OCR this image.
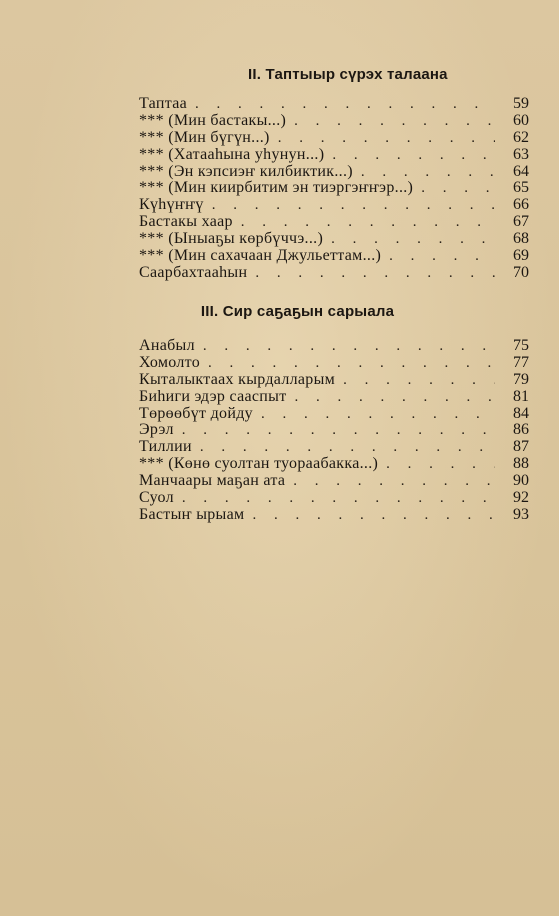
II. Таптыыр сүрэх талаана
Таптаа . . .	59
*** (Мин бастакы...) . . .	60
*** (Мин бүгүн...) . . .	62
*** (Хатааһына уһунун...) . . .	63
*** (Эн кэпсиэҥ килбиктик...) . . .	64
*** (Мин киирбитим эн тиэргэҥҥэр...) . . .	65
Күһүҥҥү . . .	66
Бастакы хаар . . .	67
*** (Ыныаҕы көрбүччэ...) . . .	68
*** (Мин сахачаан Джульеттам...) . . .	69
Саарбахтааһын . . .	70
III. Сир саҕаҕын сарыала
Анабыл . . .	75
Хомолто . . .	77
Кыталыктаах кырдалларым . . .	79
Биһиги эдэр сааспыт . . .	81
Төрөөбүт дойду . . .	84
Эрэл . . .	86
Тиллии . . .	87
*** (Көнө суолтан туораабакка...) . . .	88
Манчаары маҕан ата . . .	90
Суол . . .	92
Бастыҥ ырыам . . .	93
